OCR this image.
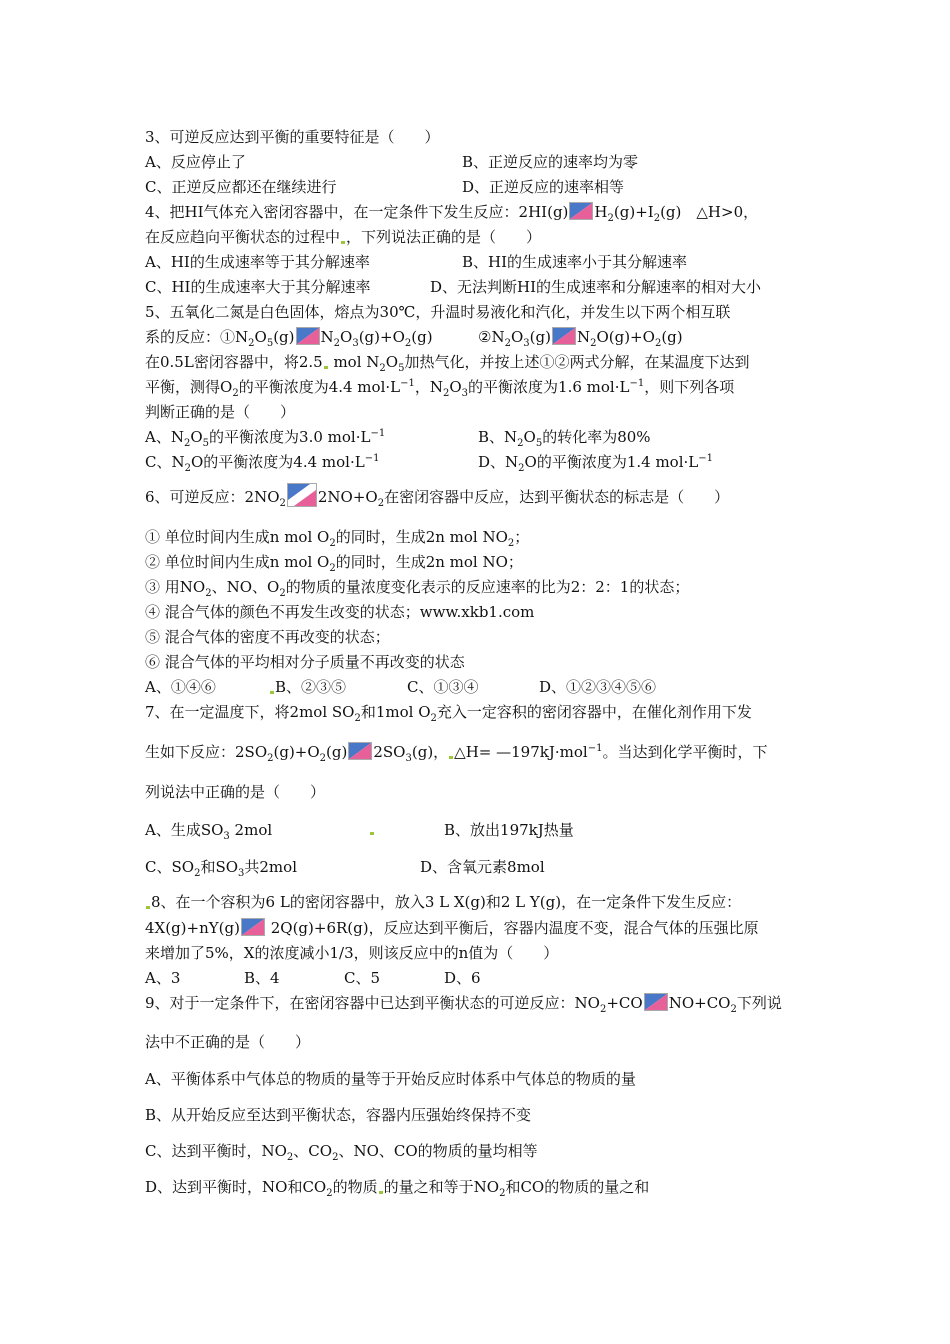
3、可逆反应达到平衡的重要特征是（　　）
A、反应停止了	B、正逆反应的速率均为零
C、正逆反应都还在继续进行	D、正逆反应的速率相等
4、把HI气体充入密闭容器中，在一定条件下发生反应：2HI(g) $H_2(g)+I_2(g)$　△H>0，
在反应趋向平衡状态的过程中 ，下列说法正确的是（　　）
A、HI的生成速率等于其分解速率	B、HI的生成速率小于其分解速率
C、HI的生成速率大于其分解速率	D、无法判断HI的生成速率和分解速率的相对大小
5、五氧化二氮是白色固体，熔点为30℃，升温时易液化和汽化，并发生以下两个相互联
系的反应：$①N_2O_5(g)$ $N_2O_3(g)+O_2(g)$	$②N_2O_3(g)$ $N_2O(g)+O_2(g)$
在0.5L密闭容器中，将2.5 mol $N_2O_5$加热气化，并按上述①②两式分解，在某温度下达到
平衡，测得$O_2$的平衡浓度为4.4 $mol\cdot L^{-1}$，$N_2O_3$的平衡浓度为1.6 $mol\cdot L^{-1}$，则下列各项
判断正确的是（　　）
A、$N_2O_5$的平衡浓度为3.0 $mol\cdot L^{-1}$	B、$N_2O_5$的转化率为80%
C、$N_2O$的平衡浓度为4.4 $mol\cdot L^{-1}$	D、$N_2O$的平衡浓度为1.4 $mol\cdot L^{-1}$
6、可逆反应：$2NO_2$ $2NO+O_2$在密闭容器中反应，达到平衡状态的标志是（　　）
① 单位时间内生成n mol $O_2$的同时，生成2n mol $NO_2$；
② 单位时间内生成n mol $O_2$的同时，生成2n mol NO；
③ 用$NO_2$、NO、$O_2$的物质的量浓度变化表示的反应速率的比为2：2：1的状态；
④ 混合气体的颜色不再发生改变的状态；www.xkb1.com
⑤ 混合气体的密度不再改变的状态；
⑥ 混合气体的平均相对分子质量不再改变的状态
A、①④⑥	B、②③⑤	C、①③④	D、①②③④⑤⑥
7、在一定温度下，将2mol $SO_2$和1mol $O_2$充入一定容积的密闭容器中，在催化剂作用下发
生如下反应：$2SO_2(g)+O_2(g)$ $2SO_3(g)$， △H= —197kJ·mol$^{-1}$。当达到化学平衡时，下
列说法中正确的是（　　）
A、生成$SO_3$ 2mol	B、放出197kJ热量
C、$SO_2$和$SO_3$共2mol	D、含氧元素8mol
8、在一个容积为6 L的密闭容器中，放入3 L X(g)和2 L Y(g)，在一定条件下发生反应：
4X(g)+nY(g) 2Q(g)+6R(g)，反应达到平衡后，容器内温度不变，混合气体的压强比原
来增加了5%，X的浓度减小1/3，则该反应中的n值为（　　）
A、3	B、4	C、5	D、6
9、对于一定条件下，在密闭容器中已达到平衡状态的可逆反应：$NO_2+CO$ $NO+CO_2$下列说
法中不正确的是（　　）
A、平衡体系中气体总的物质的量等于开始反应时体系中气体总的物质的量
B、从开始反应至达到平衡状态，容器内压强始终保持不变
C、达到平衡时，$NO_2$、$CO_2$、NO、CO的物质的量均相等
D、达到平衡时，NO和$CO_2$的物质 的量之和等于$NO_2$和CO的物质的量之和
